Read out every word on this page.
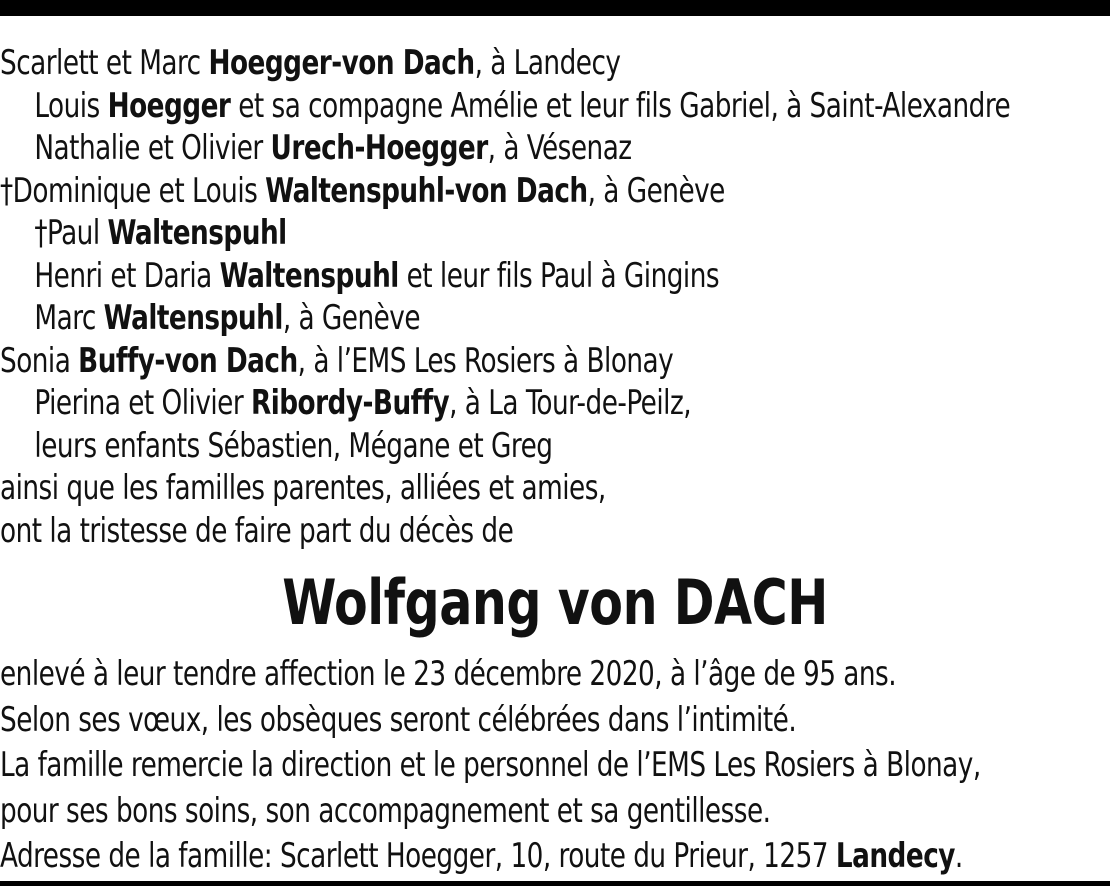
Scarlett et Marc Hoegger-von Dach, à Landecy
Louis Hoegger et sa compagne Amélie et leur fils Gabriel, à Saint-Alexandre
Nathalie et Olivier Urech-Hoegger, à Vésenaz
†Dominique et Louis Waltenspuhl-von Dach, à Genève
†Paul Waltenspuhl
Henri et Daria Waltenspuhl et leur fils Paul à Gingins
Marc Waltenspuhl, à Genève
Sonia Buffy-von Dach, à l’EMS Les Rosiers à Blonay
Pierina et Olivier Ribordy-Buffy, à La Tour-de-Peilz,
leurs enfants Sébastien, Mégane et Greg
ainsi que les familles parentes, alliées et amies,
ont la tristesse de faire part du décès de
Wolfgang von DACH
enlevé à leur tendre affection le 23 décembre 2020, à l’âge de 95 ans.
Selon ses vœux, les obsèques seront célébrées dans l’intimité.
La famille remercie la direction et le personnel de l’EMS Les Rosiers à Blonay,
pour ses bons soins, son accompagnement et sa gentillesse.
Adresse de la famille: Scarlett Hoegger, 10, route du Prieur, 1257 Landecy.
